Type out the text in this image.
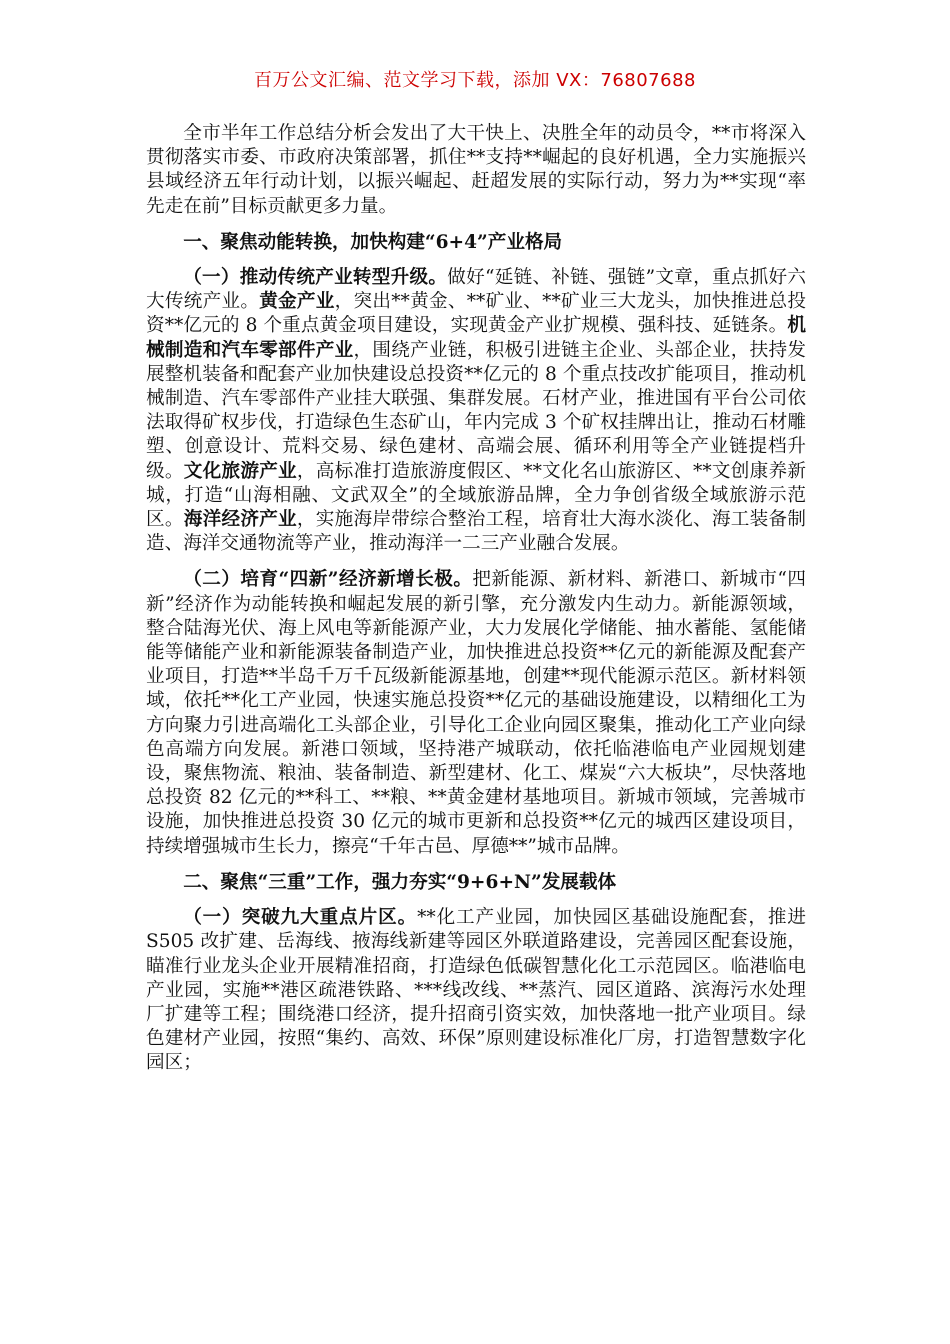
百万公文汇编、范文学习下载，添加 VX：76807688

全市半年工作总结分析会发出了大干快上、决胜全年的动员令，**市将深入贯彻落实市委、市政府决策部署，抓住**支持**崛起的良好机遇，全力实施振兴县域经济五年行动计划，以振兴崛起、赶超发展的实际行动，努力为**实现“率先走在前”目标贡献更多力量。

一、聚焦动能转换，加快构建“6+4”产业格局

（一）推动传统产业转型升级。做好“延链、补链、强链”文章，重点抓好六大传统产业。黄金产业，突出**黄金、**矿业、**矿业三大龙头，加快推进总投资**亿元的 8 个重点黄金项目建设，实现黄金产业扩规模、强科技、延链条。机械制造和汽车零部件产业，围绕产业链，积极引进链主企业、头部企业，扶持发展整机装备和配套产业加快建设总投资**亿元的 8 个重点技改扩能项目，推动机械制造、汽车零部件产业挂大联强、集群发展。石材产业，推进国有平台公司依法取得矿权步伐，打造绿色生态矿山，年内完成 3 个矿权挂牌出让，推动石材雕塑、创意设计、荒料交易、绿色建材、高端会展、循环利用等全产业链提档升级。文化旅游产业，高标准打造旅游度假区、**文化名山旅游区、**文创康养新城，打造“山海相融、文武双全”的全域旅游品牌，全力争创省级全域旅游示范区。海洋经济产业，实施海岸带综合整治工程，培育壮大海水淡化、海工装备制造、海洋交通物流等产业，推动海洋一二三产业融合发展。

（二）培育“四新”经济新增长极。把新能源、新材料、新港口、新城市“四新”经济作为动能转换和崛起发展的新引擎，充分激发内生动力。新能源领域，整合陆海光伏、海上风电等新能源产业，大力发展化学储能、抽水蓄能、氢能储能等储能产业和新能源装备制造产业，加快推进总投资**亿元的新能源及配套产业项目，打造**半岛千万千瓦级新能源基地，创建**现代能源示范区。新材料领域，依托**化工产业园，快速实施总投资**亿元的基础设施建设，以精细化工为方向聚力引进高端化工头部企业，引导化工企业向园区聚集，推动化工产业向绿色高端方向发展。新港口领域，坚持港产城联动，依托临港临电产业园规划建设，聚焦物流、粮油、装备制造、新型建材、化工、煤炭“六大板块”，尽快落地总投资 82 亿元的**科工、**粮、**黄金建材基地项目。新城市领域，完善城市设施，加快推进总投资 30 亿元的城市更新和总投资**亿元的城西区建设项目，持续增强城市生长力，擦亮“千年古邑、厚德**”城市品牌。

二、聚焦“三重”工作，强力夯实“9+6+N”发展载体

（一）突破九大重点片区。**化工产业园，加快园区基础设施配套，推进 S505 改扩建、岳海线、掖海线新建等园区外联道路建设，完善园区配套设施，瞄准行业龙头企业开展精准招商，打造绿色低碳智慧化化工示范园区。临港临电产业园，实施**港区疏港铁路、***线改线、**蒸汽、园区道路、滨海污水处理厂扩建等工程；围绕港口经济，提升招商引资实效，加快落地一批产业项目。绿色建材产业园，按照“集约、高效、环保”原则建设标准化厂房，打造智慧数字化园区；
